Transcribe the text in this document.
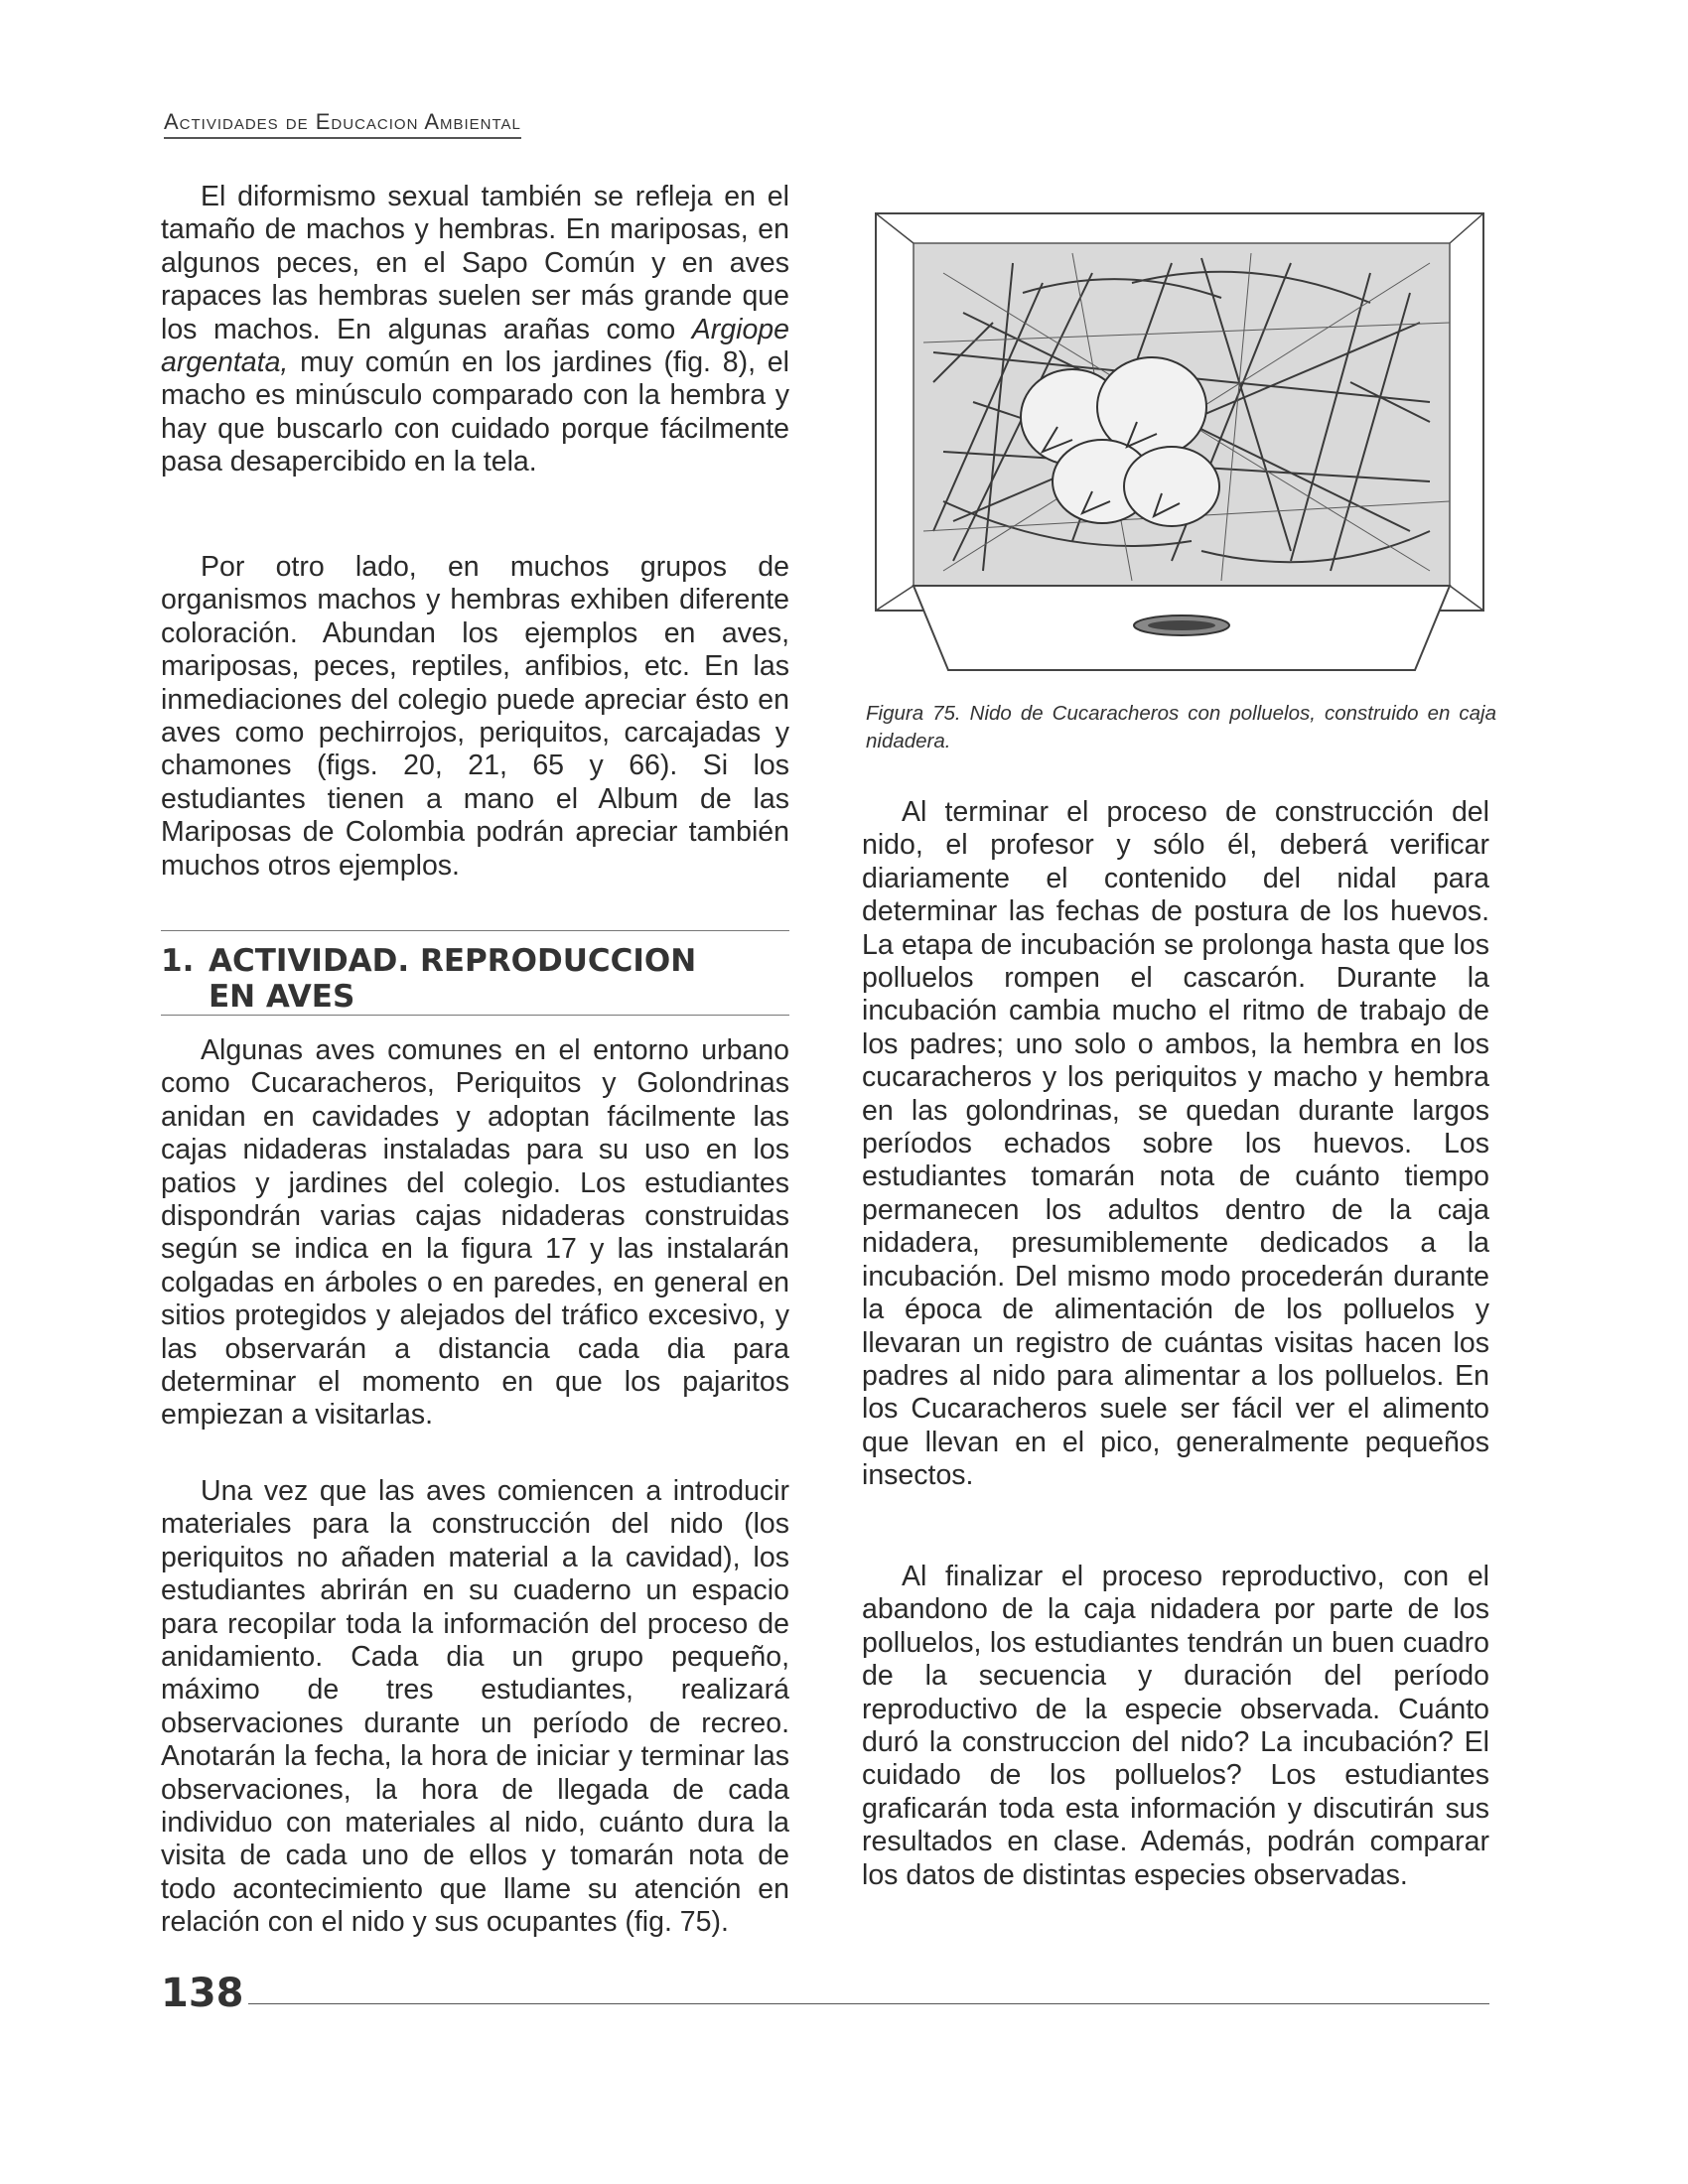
Actividades de Educacion Ambiental

El diformismo sexual también se refleja en el tamaño de machos y hembras. En mariposas, en algunos peces, en el Sapo Común y en aves rapaces las hembras suelen ser más grande que los machos. En algunas arañas como Argiope argentata, muy común en los jardines (fig. 8), el macho es minúsculo comparado con la hembra y hay que buscarlo con cuidado porque fácilmente pasa desapercibido en la tela.

Por otro lado, en muchos grupos de organismos machos y hembras exhiben diferente coloración. Abundan los ejemplos en aves, mariposas, peces, reptiles, anfibios, etc. En las inmediaciones del colegio puede apreciar ésto en aves como pechirrojos, periquitos, carcajadas y chamones (figs. 20, 21, 65 y 66). Si los estudiantes tienen a mano el Album de las Mariposas de Colombia podrán apreciar también muchos otros ejemplos.

1. ACTIVIDAD. REPRODUCCION
EN AVES

Algunas aves comunes en el entorno urbano como Cucaracheros, Periquitos y Golondrinas anidan en cavidades y adoptan fácilmente las cajas nidaderas instaladas para su uso en los patios y jardines del colegio. Los estudiantes dispondrán varias cajas nidaderas construidas según se indica en la figura 17 y las instalarán colgadas en árboles o en paredes, en general en sitios protegidos y alejados del tráfico excesivo, y las observarán a distancia cada dia para determinar el momento en que los pajaritos empiezan a visitarlas.

Una vez que las aves comiencen a introducir materiales para la construcción del nido (los periquitos no añaden material a la cavidad), los estudiantes abrirán en su cuaderno un espacio para recopilar toda la información del proceso de anidamiento. Cada dia un grupo pequeño, máximo de tres estudiantes, realizará observaciones durante un período de recreo. Anotarán la fecha, la hora de iniciar y terminar las observaciones, la hora de llegada de cada individuo con materiales al nido, cuánto dura la visita de cada uno de ellos y tomarán nota de todo acontecimiento que llame su atención en relación con el nido y sus ocupantes (fig. 75).

Figura 75. Nido de Cucaracheros con polluelos, construido en caja nidadera.

Al terminar el proceso de construcción del nido, el profesor y sólo él, deberá verificar diariamente el contenido del nidal para determinar las fechas de postura de los huevos. La etapa de incubación se prolonga hasta que los polluelos rompen el cascarón. Durante la incubación cambia mucho el ritmo de trabajo de los padres; uno solo o ambos, la hembra en los cucaracheros y los periquitos y macho y hembra en las golondrinas, se quedan durante largos períodos echados sobre los huevos. Los estudiantes tomarán nota de cuánto tiempo permanecen los adultos dentro de la caja nidadera, presumiblemente dedicados a la incubación. Del mismo modo procederán durante la época de alimentación de los polluelos y llevaran un registro de cuántas visitas hacen los padres al nido para alimentar a los polluelos. En los Cucaracheros suele ser fácil ver el alimento que llevan en el pico, generalmente pequeños insectos.

Al finalizar el proceso reproductivo, con el abandono de la caja nidadera por parte de los polluelos, los estudiantes tendrán un buen cuadro de la secuencia y duración del período reproductivo de la especie observada. Cuánto duró la construccion del nido? La incubación? El cuidado de los polluelos? Los estudiantes graficarán toda esta información y discutirán sus resultados en clase. Además, podrán comparar los datos de distintas especies observadas.

138
